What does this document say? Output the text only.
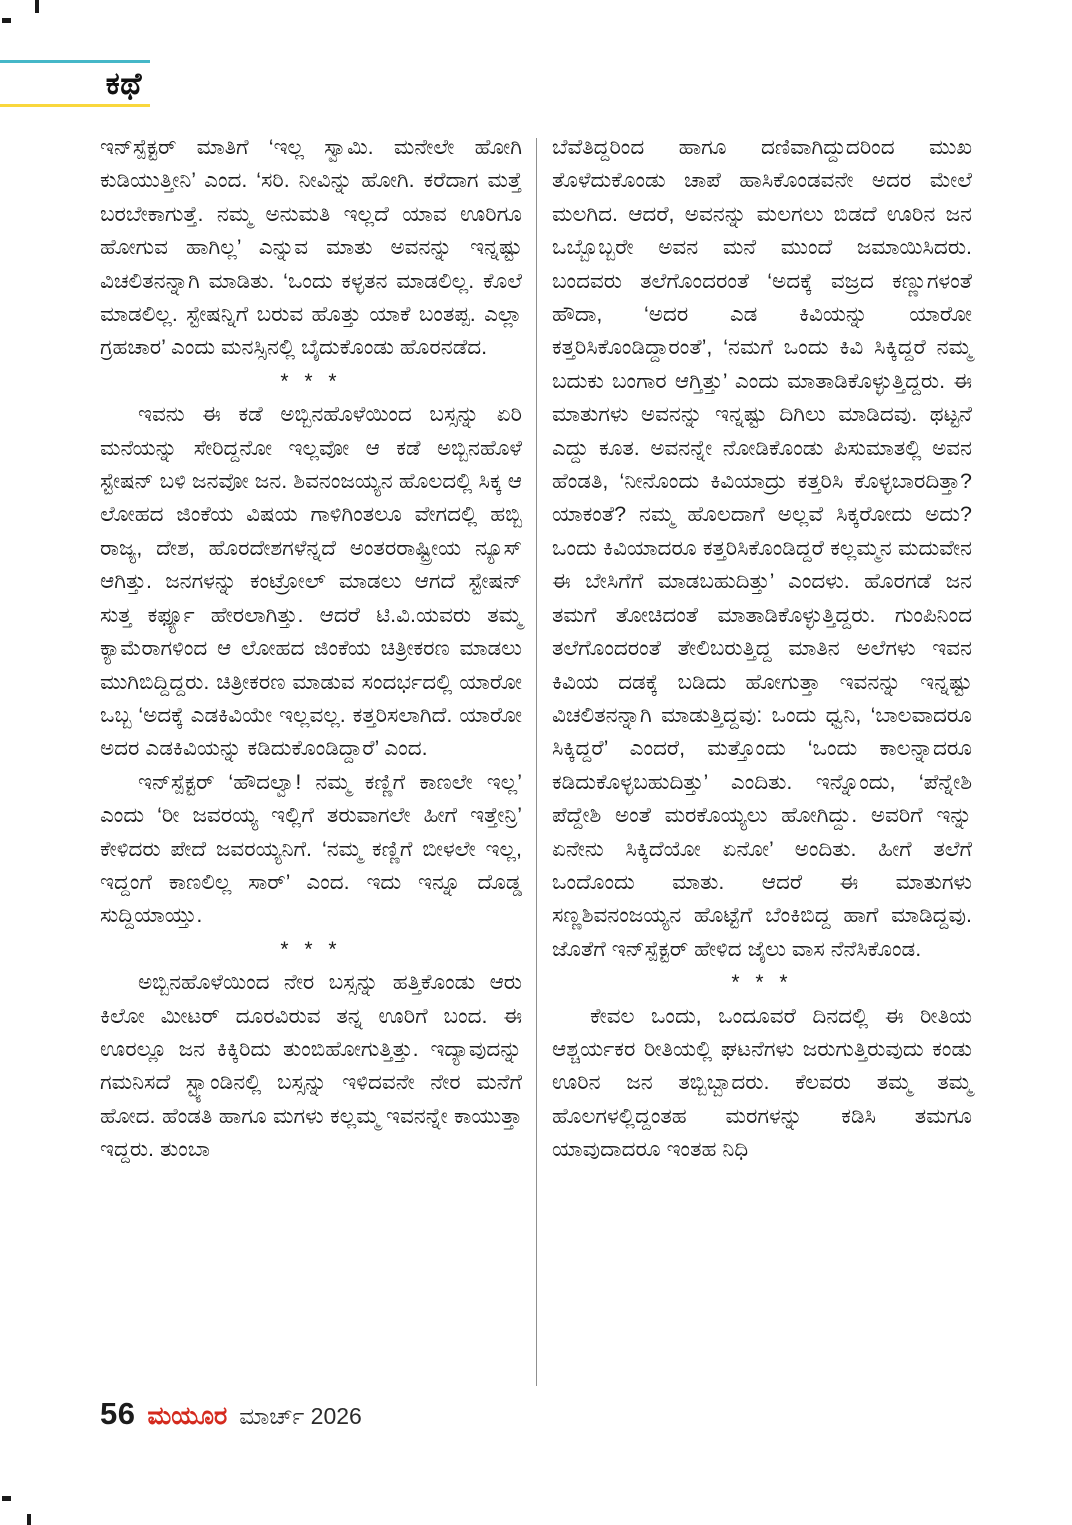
ಕಥೆ

ಇನ್‌ಸ್ಪೆಕ್ಟರ್ ಮಾತಿಗೆ ‘ಇಲ್ಲ ಸ್ವಾಮಿ. ಮನೇಲೇ ಹೋಗಿ ಕುಡಿಯುತ್ತೀನಿ’ ಎಂದ. ‘ಸರಿ. ನೀವಿನ್ನು ಹೋಗಿ. ಕರೆದಾಗ ಮತ್ತೆ ಬರಬೇಕಾಗುತ್ತೆ. ನಮ್ಮ ಅನುಮತಿ ಇಲ್ಲದೆ ಯಾವ ಊರಿಗೂ ಹೋಗುವ ಹಾಗಿಲ್ಲ’ ಎನ್ನುವ ಮಾತು ಅವನನ್ನು ಇನ್ನಷ್ಟು ವಿಚಲಿತನನ್ನಾಗಿ ಮಾಡಿತು. ‘ಒಂದು ಕಳ್ಳತನ ಮಾಡಲಿಲ್ಲ. ಕೊಲೆ ಮಾಡಲಿಲ್ಲ. ಸ್ಟೇಷನ್ನಿಗೆ ಬರುವ ಹೊತ್ತು ಯಾಕೆ ಬಂತಪ್ಪ. ಎಲ್ಲಾ ಗ್ರಹಚಾರ’ ಎಂದು ಮನಸ್ಸಿನಲ್ಲಿ ಬೈದುಕೊಂಡು ಹೊರನಡೆದ.

* * *

ಇವನು ಈ ಕಡೆ ಅಬ್ಬಿನಹೊಳೆಯಿಂದ ಬಸ್ಸನ್ನು ಏರಿ ಮನೆಯನ್ನು ಸೇರಿದ್ದನೋ ಇಲ್ಲವೋ ಆ ಕಡೆ ಅಬ್ಬಿನಹೊಳೆ ಸ್ಟೇಷನ್ ಬಳಿ ಜನವೋ ಜನ. ಶಿವನಂಜಯ್ಯನ ಹೊಲದಲ್ಲಿ ಸಿಕ್ಕ ಆ ಲೋಹದ ಜಿಂಕೆಯ ವಿಷಯ ಗಾಳಿಗಿಂತಲೂ ವೇಗದಲ್ಲಿ ಹಬ್ಬಿ ರಾಜ್ಯ, ದೇಶ, ಹೊರದೇಶಗಳೆನ್ನದೆ ಅಂತರರಾಷ್ಟ್ರೀಯ ನ್ಯೂಸ್ ಆಗಿತ್ತು. ಜನಗಳನ್ನು ಕಂಟ್ರೋಲ್ ಮಾಡಲು ಆಗದೆ ಸ್ಟೇಷನ್ ಸುತ್ತ ಕರ್ಫ್ಯೂ ಹೇರಲಾಗಿತ್ತು. ಆದರೆ ಟಿ.ವಿ.ಯವರು ತಮ್ಮ ಕ್ಯಾಮೆರಾಗಳಿಂದ ಆ ಲೋಹದ ಜಿಂಕೆಯ ಚಿತ್ರೀಕರಣ ಮಾಡಲು ಮುಗಿಬಿದ್ದಿದ್ದರು. ಚಿತ್ರೀಕರಣ ಮಾಡುವ ಸಂದರ್ಭದಲ್ಲಿ ಯಾರೋ ಒಬ್ಬ ‘ಅದಕ್ಕೆ ಎಡಕಿವಿಯೇ ಇಲ್ಲವಲ್ಲ. ಕತ್ತರಿಸಲಾಗಿದೆ. ಯಾರೋ ಅದರ ಎಡಕಿವಿಯನ್ನು ಕಡಿದುಕೊಂಡಿದ್ದಾರೆ’ ಎಂದ.

ಇನ್‌ಸ್ಪೆಕ್ಟರ್ ‘ಹೌದಲ್ವಾ! ನಮ್ಮ ಕಣ್ಣಿಗೆ ಕಾಣಲೇ ಇಲ್ಲ’ ಎಂದು ‘ರೀ ಜವರಯ್ಯ ಇಲ್ಲಿಗೆ ತರುವಾಗಲೇ ಹೀಗೆ ಇತ್ತೇನ್ರಿ’ ಕೇಳಿದರು ಪೇದೆ ಜವರಯ್ಯನಿಗೆ. ‘ನಮ್ಮ ಕಣ್ಣಿಗೆ ಬೀಳಲೇ ಇಲ್ಲ, ಇದ್ದಂಗೆ ಕಾಣಲಿಲ್ಲ ಸಾರ್’ ಎಂದ. ಇದು ಇನ್ನೂ ದೊಡ್ಡ ಸುದ್ದಿಯಾಯ್ತು.

* * *

ಅಬ್ಬಿನಹೊಳೆಯಿಂದ ನೇರ ಬಸ್ಸನ್ನು ಹತ್ತಿಕೊಂಡು ಆರು ಕಿಲೋ ಮೀಟರ್ ದೂರವಿರುವ ತನ್ನ ಊರಿಗೆ ಬಂದ. ಈ ಊರಲ್ಲೂ ಜನ ಕಿಕ್ಕಿರಿದು ತುಂಬಿಹೋಗುತ್ತಿತ್ತು. ಇದ್ಯಾವುದನ್ನು ಗಮನಿಸದೆ ಸ್ಟ್ಯಾಂಡಿನಲ್ಲಿ ಬಸ್ಸನ್ನು ಇಳಿದವನೇ ನೇರ ಮನೆಗೆ ಹೋದ. ಹೆಂಡತಿ ಹಾಗೂ ಮಗಳು ಕಲ್ಲಮ್ಮ ಇವನನ್ನೇ ಕಾಯುತ್ತಾ ಇದ್ದರು. ತುಂಬಾ

ಬೆವೆತಿದ್ದರಿಂದ ಹಾಗೂ ದಣಿವಾಗಿದ್ದುದರಿಂದ ಮುಖ ತೊಳೆದುಕೊಂಡು ಚಾಪೆ ಹಾಸಿಕೊಂಡವನೇ ಅದರ ಮೇಲೆ ಮಲಗಿದ. ಆದರೆ, ಅವನನ್ನು ಮಲಗಲು ಬಿಡದೆ ಊರಿನ ಜನ ಒಬ್ಬೊಬ್ಬರೇ ಅವನ ಮನೆ ಮುಂದೆ ಜಮಾಯಿಸಿದರು. ಬಂದವರು ತಲೆಗೊಂದರಂತೆ ‘ಅದಕ್ಕೆ ವಜ್ರದ ಕಣ್ಣುಗಳಂತೆ ಹೌದಾ, ‘ಅದರ ಎಡ ಕಿವಿಯನ್ನು ಯಾರೋ ಕತ್ತರಿಸಿಕೊಂಡಿದ್ದಾರಂತೆ’, ‘ನಮಗೆ ಒಂದು ಕಿವಿ ಸಿಕ್ಕಿದ್ದರೆ ನಮ್ಮ ಬದುಕು ಬಂಗಾರ ಆಗ್ತಿತ್ತು’ ಎಂದು ಮಾತಾಡಿಕೊಳ್ಳುತ್ತಿದ್ದರು. ಈ ಮಾತುಗಳು ಅವನನ್ನು ಇನ್ನಷ್ಟು ದಿಗಿಲು ಮಾಡಿದವು. ಥಟ್ಟನೆ ಎದ್ದು ಕೂತ. ಅವನನ್ನೇ ನೋಡಿಕೊಂಡು ಪಿಸುಮಾತಲ್ಲಿ ಅವನ ಹೆಂಡತಿ, ‘ನೀನೊಂದು ಕಿವಿಯಾದ್ರು ಕತ್ತರಿಸಿ ಕೊಳ್ಳಬಾರದಿತ್ತಾ? ಯಾಕಂತೆ? ನಮ್ಮ ಹೊಲದಾಗೆ ಅಲ್ಲವೆ ಸಿಕ್ಕರೋದು ಅದು? ಒಂದು ಕಿವಿಯಾದರೂ ಕತ್ತರಿಸಿಕೊಂಡಿದ್ದರೆ ಕಲ್ಲಮ್ಮನ ಮದುವೇನ ಈ ಬೇಸಿಗೆಗೆ ಮಾಡಬಹುದಿತ್ತು’ ಎಂದಳು. ಹೊರಗಡೆ ಜನ ತಮಗೆ ತೋಚಿದಂತೆ ಮಾತಾಡಿಕೊಳ್ಳುತ್ತಿದ್ದರು. ಗುಂಪಿನಿಂದ ತಲೆಗೊಂದರಂತೆ ತೇಲಿಬರುತ್ತಿದ್ದ ಮಾತಿನ ಅಲೆಗಳು ಇವನ ಕಿವಿಯ ದಡಕ್ಕೆ ಬಡಿದು ಹೋಗುತ್ತಾ ಇವನನ್ನು ಇನ್ನಷ್ಟು ವಿಚಲಿತನನ್ನಾಗಿ ಮಾಡುತ್ತಿದ್ದವು: ಒಂದು ಧ್ವನಿ, ‘ಬಾಲವಾದರೂ ಸಿಕ್ಕಿದ್ದರೆ’ ಎಂದರೆ, ಮತ್ತೊಂದು ‘ಒಂದು ಕಾಲನ್ನಾದರೂ ಕಡಿದುಕೊಳ್ಳಬಹುದಿತ್ತು’ ಎಂದಿತು. ಇನ್ನೊಂದು, ‘ಪೆನ್ನೇಶಿ ಪೆದ್ದೇಶಿ ಅಂತೆ ಮರಕೊಯ್ಯಲು ಹೋಗಿದ್ದು. ಅವರಿಗೆ ಇನ್ನು ಏನೇನು ಸಿಕ್ಕಿದೆಯೋ ಏನೋ’ ಅಂದಿತು. ಹೀಗೆ ತಲೆಗೆ ಒಂದೊಂದು ಮಾತು. ಆದರೆ ಈ ಮಾತುಗಳು ಸಣ್ಣಶಿವನಂಜಯ್ಯನ ಹೊಟ್ಟೆಗೆ ಬೆಂಕಿಬಿದ್ದ ಹಾಗೆ ಮಾಡಿದ್ದವು. ಜೊತೆಗೆ ಇನ್‌ಸ್ಪೆಕ್ಟರ್ ಹೇಳಿದ ಜೈಲು ವಾಸ ನೆನೆಸಿಕೊಂಡ.

* * *

ಕೇವಲ ಒಂದು, ಒಂದೂವರೆ ದಿನದಲ್ಲಿ ಈ ರೀತಿಯ ಆಶ್ಚರ್ಯಕರ ರೀತಿಯಲ್ಲಿ ಘಟನೆಗಳು ಜರುಗುತ್ತಿರುವುದು ಕಂಡು ಊರಿನ ಜನ ತಬ್ಬಿಬ್ಬಾದರು. ಕೆಲವರು ತಮ್ಮ ತಮ್ಮ ಹೊಲಗಳಲ್ಲಿದ್ದಂತಹ ಮರಗಳನ್ನು ಕಡಿಸಿ ತಮಗೂ ಯಾವುದಾದರೂ ಇಂತಹ ನಿಧಿ

56 ಮಯೂರ ಮಾರ್ಚ್ 2026
